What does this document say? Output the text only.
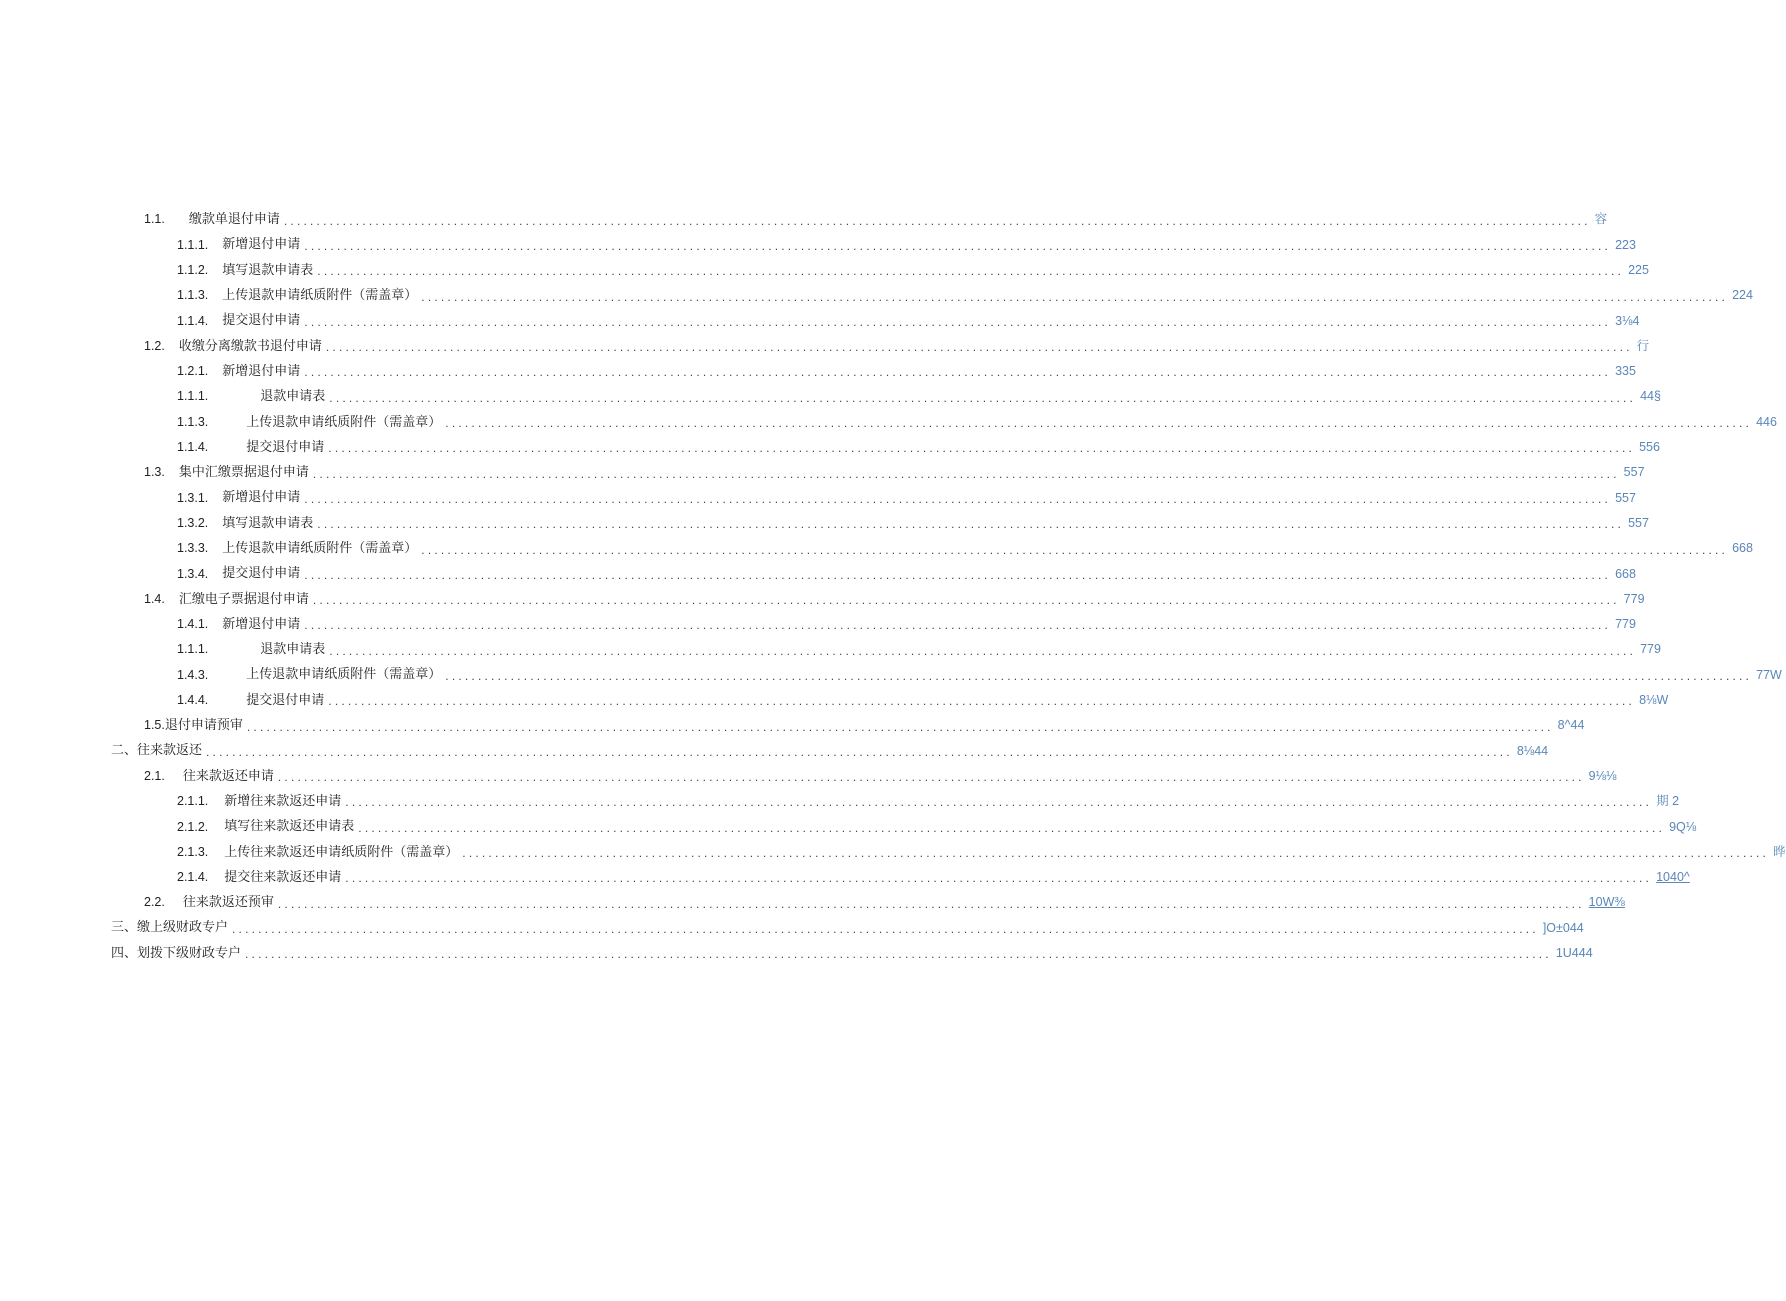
1.1. 缴款单退付申请 ........................................................................................................................................................................................................ 容
1.1.1. 新增退付申请 ........................................................................................................................................................................................................ 223
1.1.2. 填写退款申请表 ........................................................................................................................................................................................................ 225
1.1.3. 上传退款申请纸质附件（需盖章） ........................................................................................................................................................................................................ 224
1.1.4. 提交退付申请 ........................................................................................................................................................................................................ 3⅛4
1.2. 收缴分离缴款书退付申请 ........................................................................................................................................................................................................ 行
1.2.1. 新增退付申请 ........................................................................................................................................................................................................ 335
1.1.1.	退款申请表 ........................................................................................................................................................................................................ 44§
1.1.3.	上传退款申请纸质附件（需盖章） ........................................................................................................................................................................................................ 446
1.1.4.	提交退付申请 ........................................................................................................................................................................................................ 556
1.3. 集中汇缴票据退付申请 ........................................................................................................................................................................................................ 557
1.3.1. 新增退付申请 ........................................................................................................................................................................................................ 557
1.3.2. 填写退款申请表 ........................................................................................................................................................................................................ 557
1.3.3. 上传退款申请纸质附件（需盖章） ........................................................................................................................................................................................................ 668
1.3.4. 提交退付申请 ........................................................................................................................................................................................................ 668
1.4. 汇缴电子票据退付申请 ........................................................................................................................................................................................................ 779
1.4.1. 新增退付申请 ........................................................................................................................................................................................................ 779
1.1.1.	退款申请表 ........................................................................................................................................................................................................ 779
1.4.3.	上传退款申请纸质附件（需盖章） ........................................................................................................................................................................................................ 77W
1.4.4.	提交退付申请 ........................................................................................................................................................................................................ 8⅛W
1.5. 退付申请预审 ........................................................................................................................................................................................................ 8^44
二、往来款返还 ........................................................................................................................................................................................................ 8⅛44
2.1. 往来款返还申请 ........................................................................................................................................................................................................ 9⅛⅛
2.1.1. 新增往来款返还申请 ........................................................................................................................................................................................................ 期 2
2.1.2. 填写往来款返还申请表 ........................................................................................................................................................................................................ 9Q⅛
2.1.3. 上传往来款返还申请纸质附件（需盖章） ........................................................................................................................................................................................................ 晔
2.1.4. 提交往来款返还申请 ........................................................................................................................................................................................................ 1040^
2.2. 往来款返还预审 ........................................................................................................................................................................................................ 10W⅜
三、缴上级财政专户 ........................................................................................................................................................................................................ ]O±044
四、划拨下级财政专户 ........................................................................................................................................................................................................ 1U444
